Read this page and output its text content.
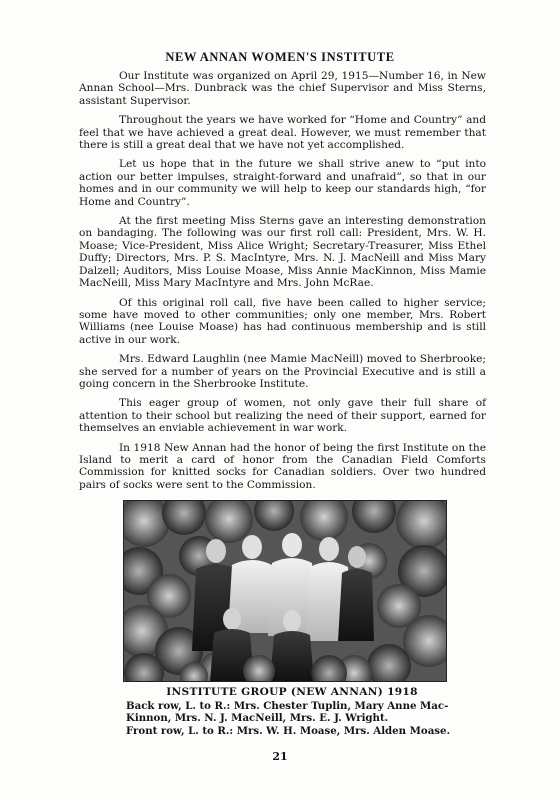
NEW ANNAN WOMEN'S INSTITUTE

Our Institute was organized on April 29, 1915—Number 16, in New Annan School—Mrs. Dunbrack was the chief Supervisor and Miss Sterns, assistant Supervisor.

Throughout the years we have worked for “Home and Country” and feel that we have achieved a great deal. However, we must remember that there is still a great deal that we have not yet accomplished.

Let us hope that in the future we shall strive anew to “put into action our better impulses, straight-forward and unafraid”, so that in our homes and in our community we will help to keep our standards high, “for Home and Country”.

At the first meeting Miss Sterns gave an interesting demonstration on bandaging. The following was our first roll call: President, Mrs. W. H. Moase; Vice-President, Miss Alice Wright; Secretary-Treasurer, Miss Ethel Duffy; Directors, Mrs. P. S. MacIntyre, Mrs. N. J. MacNeill and Miss Mary Dalzell; Auditors, Miss Louise Moase, Miss Annie MacKinnon, Miss Mamie MacNeill, Miss Mary MacIntyre and Mrs. John McRae.

Of this original roll call, five have been called to higher service; some have moved to other communities; only one member, Mrs. Robert Williams (nee Louise Moase) has had continuous membership and is still active in our work.

Mrs. Edward Laughlin (nee Mamie MacNeill) moved to Sherbrooke; she served for a number of years on the Provincial Executive and is still a going concern in the Sherbrooke Institute.

This eager group of women, not only gave their full share of attention to their school but realizing the need of their support, earned for themselves an enviable achievement in war work.

In 1918 New Annan had the honor of being the first Institute on the Island to merit a card of honor from the Canadian Field Comforts Commission for knitted socks for Canadian soldiers. Over two hundred pairs of socks were sent to the Commission.

INSTITUTE GROUP (NEW ANNAN) 1918

Back row, L. to R.: Mrs. Chester Tuplin, Mary Anne Mac-

Kinnon, Mrs. N. J. MacNeill, Mrs. E. J. Wright.

Front row, L. to R.: Mrs. W. H. Moase, Mrs. Alden Moase.

21
